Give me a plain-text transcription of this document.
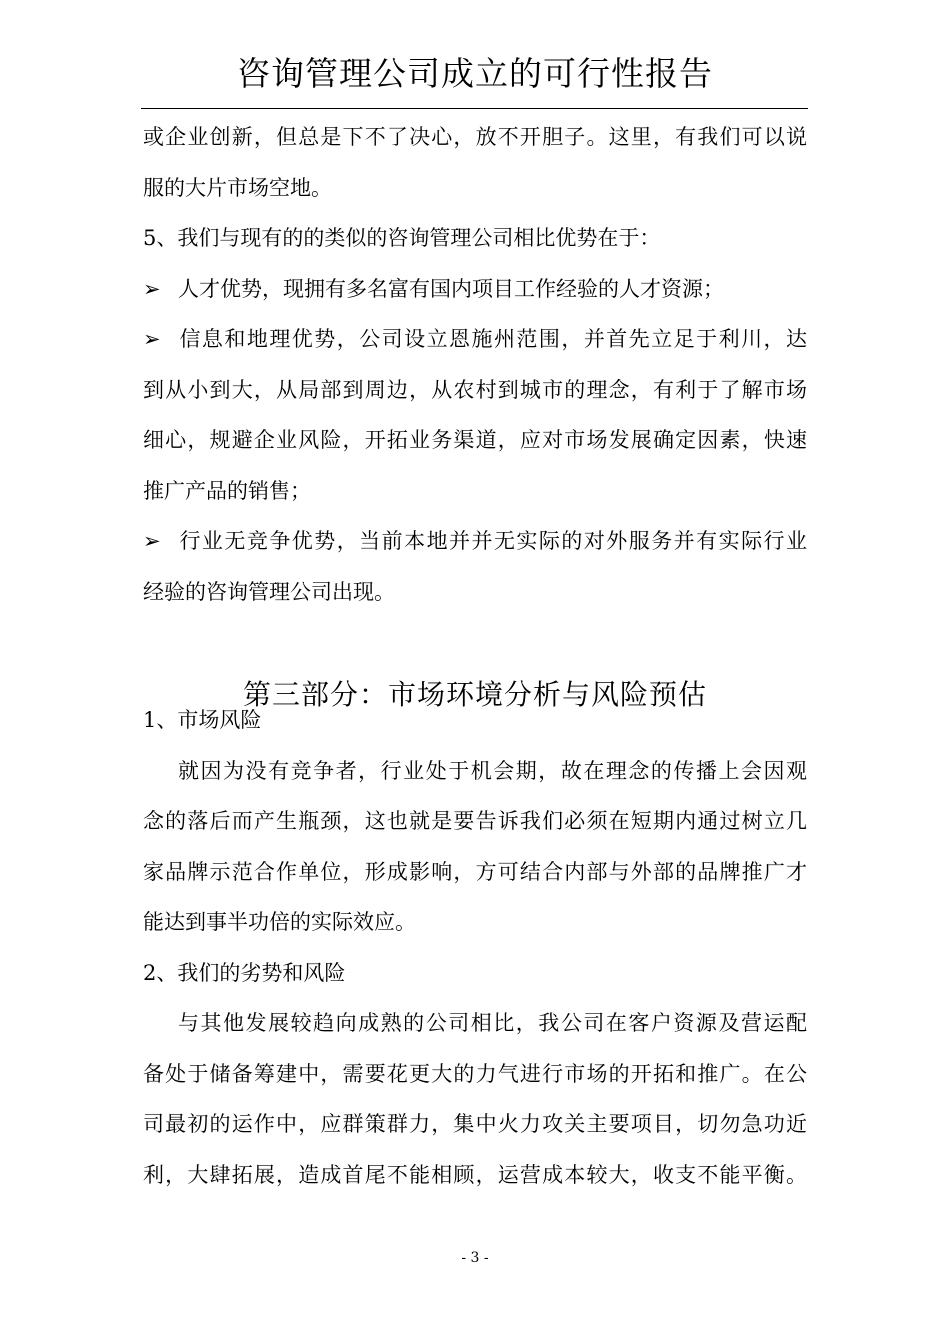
咨询管理公司成立的可行性报告
或企业创新，但总是下不了决心，放不开胆子。这里，有我们可以说
服的大片市场空地。
5、我们与现有的的类似的咨询管理公司相比优势在于：
➢ 人才优势，现拥有多名富有国内项目工作经验的人才资源；
➢ 信息和地理优势，公司设立恩施州范围，并首先立足于利川，达
到从小到大，从局部到周边，从农村到城市的理念，有利于了解市场
细心，规避企业风险，开拓业务渠道，应对市场发展确定因素，快速
推广产品的销售；
➢ 行业无竞争优势，当前本地并并无实际的对外服务并有实际行业
经验的咨询管理公司出现。
第三部分：市场环境分析与风险预估
1、市场风险
就因为没有竞争者，行业处于机会期，故在理念的传播上会因观
念的落后而产生瓶颈，这也就是要告诉我们必须在短期内通过树立几
家品牌示范合作单位，形成影响，方可结合内部与外部的品牌推广才
能达到事半功倍的实际效应。
2、我们的劣势和风险
与其他发展较趋向成熟的公司相比，我公司在客户资源及营运配
备处于储备筹建中，需要花更大的力气进行市场的开拓和推广。在公
司最初的运作中，应群策群力，集中火力攻关主要项目，切勿急功近
利，大肆拓展，造成首尾不能相顾，运营成本较大，收支不能平衡。
- 3 -
